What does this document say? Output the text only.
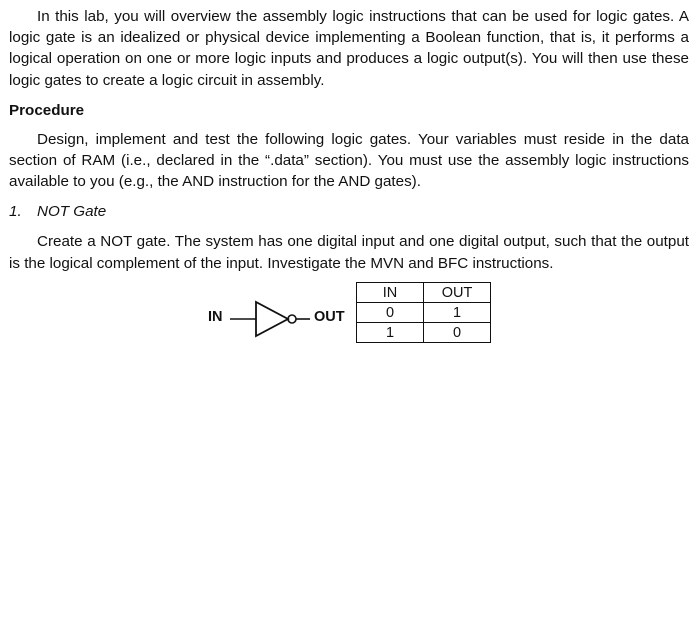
In this lab, you will overview the assembly logic instructions that can be used for logic gates. A logic gate is an idealized or physical device implementing a Boolean function, that is, it performs a logical operation on one or more logic inputs and produces a logic output(s). You will then use these logic gates to create a logic circuit in assembly.

Procedure

Design, implement and test the following logic gates. Your variables must reside in the data section of RAM (i.e., declared in the “.data” section). You must use the assembly logic instructions available to you (e.g., the AND instruction for the AND gates).

1. NOT Gate

Create a NOT gate. The system has one digital input and one digital output, such that the output is the logical complement of the input. Investigate the MVN and BFC instructions.

IN	OUT
IN	OUT
0	1
1	0
